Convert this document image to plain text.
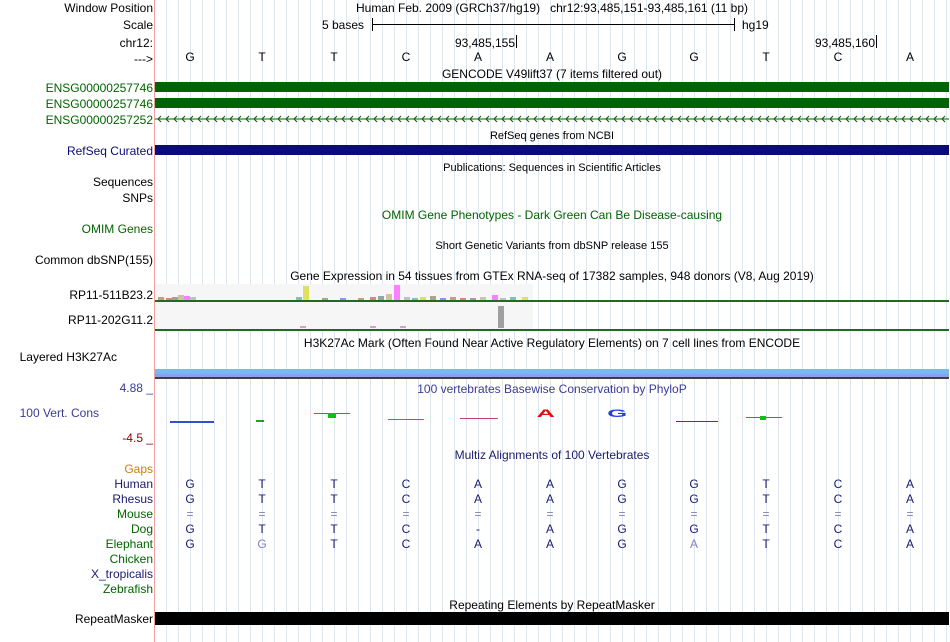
Window Position
Scale
chr12:
--->
Human Feb. 2009 (GRCh37/hg19)   chr12:93,485,151-93,485,161 (11 bp)
5 bases	hg19
93,485,155	93,485,160
G	T	T	C	A	A	G	G	T	C	A
GENCODE V49lift37 (7 items filtered out)
ENSG00000257746
ENSG00000257746
ENSG00000257252
RefSeq genes from NCBI
RefSeq Curated
Publications: Sequences in Scientific Articles
Sequences
SNPs
OMIM Gene Phenotypes - Dark Green Can Be Disease-causing
OMIM Genes
Short Genetic Variants from dbSNP release 155
Common dbSNP(155)
Gene Expression in 54 tissues from GTEx RNA-seq of 17382 samples, 948 donors (V8, Aug 2019)
RP11-511B23.2
RP11-202G11.2
H3K27Ac Mark (Often Found Near Active Regulatory Elements) on 7 cell lines from ENCODE
Layered H3K27Ac
4.88 _	100 vertebrates Basewise Conservation by PhyloP
100 Vert. Cons
-4.5 _
A	G
Multiz Alignments of 100 Vertebrates
Gaps
Human	G	T	T	C	A	A	G	G	T	C	A
Rhesus	G	T	T	C	A	A	G	G	T	C	A
Mouse	=	=	=	=	=	=	=	=	=	=	=
Dog	G	T	T	C	-	A	G	G	T	C	A
Elephant	G	G	T	C	A	A	G	A	T	C	A
Chicken
X_tropicalis
Zebrafish
Repeating Elements by RepeatMasker
RepeatMasker
